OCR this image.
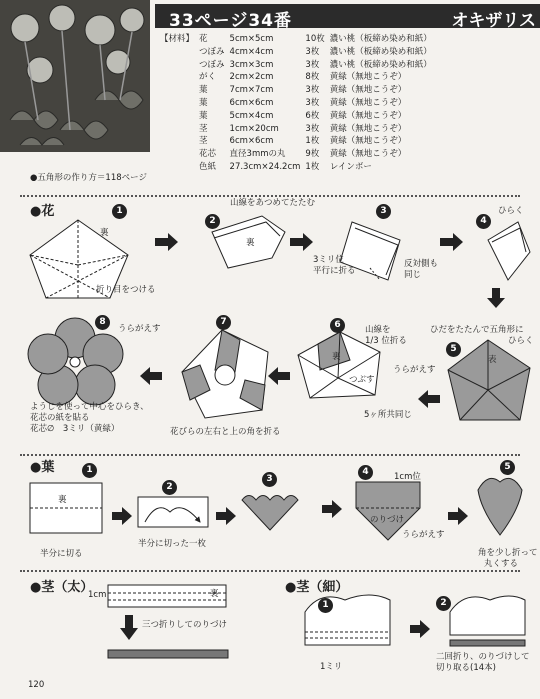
33ページ34番	オキザリス
【材料】	花	5cm×5cm	10枚	濃い桃（板締め染め和紙）
	つぼみ	4cm×4cm	3枚	濃い桃（板締め染め和紙）
	つぼみ	3cm×3cm	3枚	濃い桃（板締め染め和紙）
	がく	2cm×2cm	8枚	黄緑（無地こうぞ）
	葉	7cm×7cm	3枚	黄緑（無地こうぞ）
	葉	6cm×6cm	3枚	黄緑（無地こうぞ）
	葉	5cm×4cm	6枚	黄緑（無地こうぞ）
	茎	1cm×20cm	3枚	黄緑（無地こうぞ）
	茎	6cm×6cm	1枚	黄緑（無地こうぞ）
	花芯	直径3mmの丸	9枚	黄緑（無地こうぞ）
	色紙	27.3cm×24.2cm	1枚	レインボー
●五角形の作り方＝118ページ
●花
●葉
●茎（太）	●茎（細）
1
2
3
4
5
6
7
8
1
2
3
4	5
1	2
裏
折り目をつける
山線をあつめてたたむ
裏
3ミリ位
平行に折る
反対側も
同じ
ひらく
ひだをたたんで五角形に
ひらく
表
山線を
1/3 位折る
裏
つぶす
5ヶ所共同じ
うらがえす
花びらの左右と上の角を折る
うらがえす
ようじを使って中心をひらき、
花芯の紙を貼る
花芯∅　3ミリ（黄緑）
裏
半分に切る
半分に切った一枚
1cm位
のりづけ
うらがえす
角を少し折って
丸くする
1cm	裏
三つ折りしてのりづけ
1ミリ
二回折り、のりづけして
切り取る(14本)
120
